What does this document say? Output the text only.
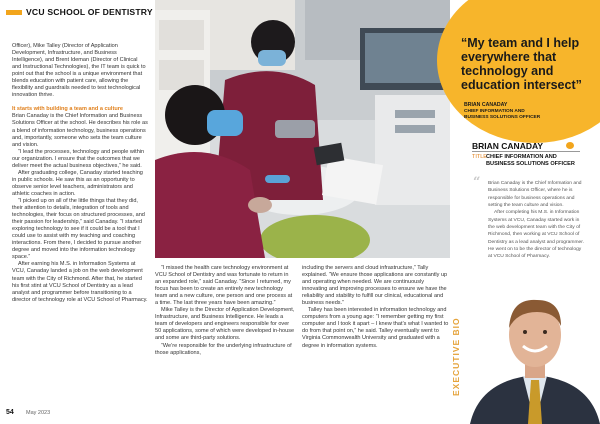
VCU SCHOOL OF DENTISTRY

Officer), Mike Talley (Director of Application Development, Infrastructure, and Business Intelligence), and Brent Ideman (Director of Clinical and Instructional Technologies), the IT team is quick to point out that the school is a unique environment that blends education with patient care, allowing the flexibility and guardrails needed to test technological innovation thrive.

It starts with building a team and a culture

Brian Canaday is the Chief Information and Business Solutions Officer at the school. He describes his role as a blend of information technology, business operations and, importantly, someone who sets the team culture and vision.

“I lead the processes, technology and people within our organization. I ensure that the outcomes that we deliver meet the actual business objectives,” he said.

After graduating college, Canaday started teaching in public schools. He saw this as an opportunity to observe senior level teachers, administrators and athletic coaches in action.

“I picked up on all of the little things that they did, their attention to details, integration of tools and technologies, their focus on structured processes, and their passion for leadership,” said Canaday. “I started exploring technology to see if it could be a tool that I could use to assist with my teaching and coaching interactions. From there, I decided to pursue another degree and moved into the information technology space.”

After earning his M.S. in Information Systems at VCU, Canaday landed a job on the web development team with the City of Richmond. After that, he started his first stint at VCU School of Dentistry as a lead analyst and programmer before transitioning to a director of technology role at VCU School of Pharmacy.

“I missed the health care technology environment at VCU School of Dentistry and was fortunate to return in an expanded role,” said Canaday. “Since I returned, my focus has been to create an entirely new technology team and a new culture, one person and one process at a time. The last three years have been amazing.”

Mike Talley is the Director of Application Development, Infrastructure, and Business Intelligence. He leads a team of developers and engineers responsible for over 50 applications, some of which were developed in-house and some are third-party solutions.

“We’re responsible for the underlying infrastructure of those applications,

including the servers and cloud infrastructure,” Tally explained. “We ensure those applications are constantly up and operating when needed. We are continuously innovating and improving processes to ensure we have the reliability and stability to fulfill our clinical, educational and business needs.”

Talley has been interested in information technology and computers from a young age: “I remember getting my first computer and I took it apart – I knew that’s what I wanted to do from that point on,” he said. Talley eventually went to Virginia Commonwealth University and graduated with a degree in information systems.

“My team and I help everywhere that technology and education intersect”
BRIAN CANADAY
CHIEF INFORMATION AND
BUSINESS SOLUTIONS OFFICER
BRIAN CANADAY
TITLE CHIEF INFORMATION AND BUSINESS SOLUTIONS OFFICER
“ Brian Canaday is the Chief Information and Business Solutions Officer, where he is responsible for business operations and setting the team culture and vision.

After completing his M.S. in Information Systems at VCU, Canaday started work in the web development team with the City of Richmond, then working at VCU School of Dentistry as a lead analyst and programmer. He went on to be the director of technology at VCU School of Pharmacy.

EXECUTIVE BIO
54 May 2023
